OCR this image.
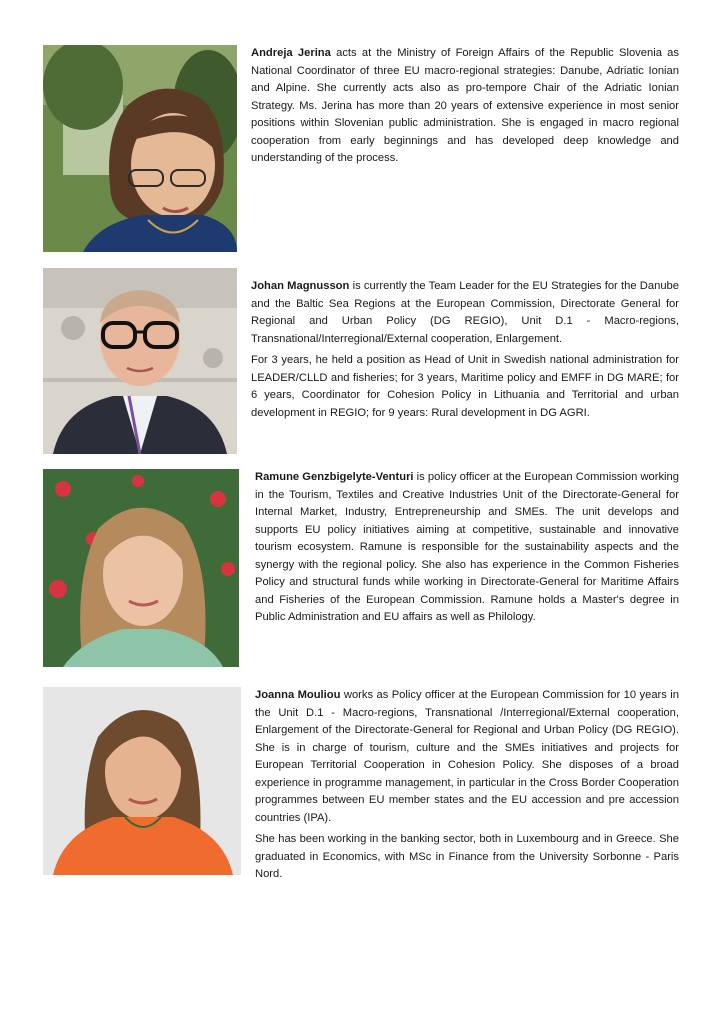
Andreja Jerina acts at the Ministry of Foreign Affairs of the Republic Slovenia as National Coordinator of three EU macro-regional strategies: Danube, Adriatic Ionian and Alpine. She currently acts also as pro-tempore Chair of the Adriatic Ionian Strategy. Ms. Jerina has more than 20 years of extensive experience in most senior positions within Slovenian public administration. She is engaged in macro regional cooperation from early beginnings and has developed deep knowledge and understanding of the process.

Johan Magnusson is currently the Team Leader for the EU Strategies for the Danube and the Baltic Sea Regions at the European Commission, Directorate General for Regional and Urban Policy (DG REGIO), Unit D.1 - Macro-regions, Transnational/Interregional/External cooperation, Enlargement.

For 3 years, he held a position as Head of Unit in Swedish national administration for LEADER/CLLD and fisheries; for 3 years, Maritime policy and EMFF in DG MARE; for 6 years, Coordinator for Cohesion Policy in Lithuania and Territorial and urban development in REGIO; for 9 years: Rural development in DG AGRI.

Ramune Genzbigelyte-Venturi is policy officer at the European Commission working in the Tourism, Textiles and Creative Industries Unit of the Directorate-General for Internal Market, Industry, Entrepreneurship and SMEs. The unit develops and supports EU policy initiatives aiming at competitive, sustainable and innovative tourism ecosystem. Ramune is responsible for the sustainability aspects and the synergy with the regional policy. She also has experience in the Common Fisheries Policy and structural funds while working in Directorate-General for Maritime Affairs and Fisheries of the European Commission. Ramune holds a Master's degree in Public Administration and EU affairs as well as Philology.

Joanna Mouliou works as Policy officer at the European Commission for 10 years in the Unit D.1 - Macro-regions, Transnational /Interregional/External cooperation, Enlargement of the Directorate-General for Regional and Urban Policy (DG REGIO). She is in charge of tourism, culture and the SMEs initiatives and projects for European Territorial Cooperation in Cohesion Policy. She disposes of a broad experience in programme management, in particular in the Cross Border Cooperation programmes between EU member states and the EU accession and pre accession countries (IPA).

She has been working in the banking sector, both in Luxembourg and in Greece. She graduated in Economics, with MSc in Finance from the University Sorbonne - Paris Nord.
